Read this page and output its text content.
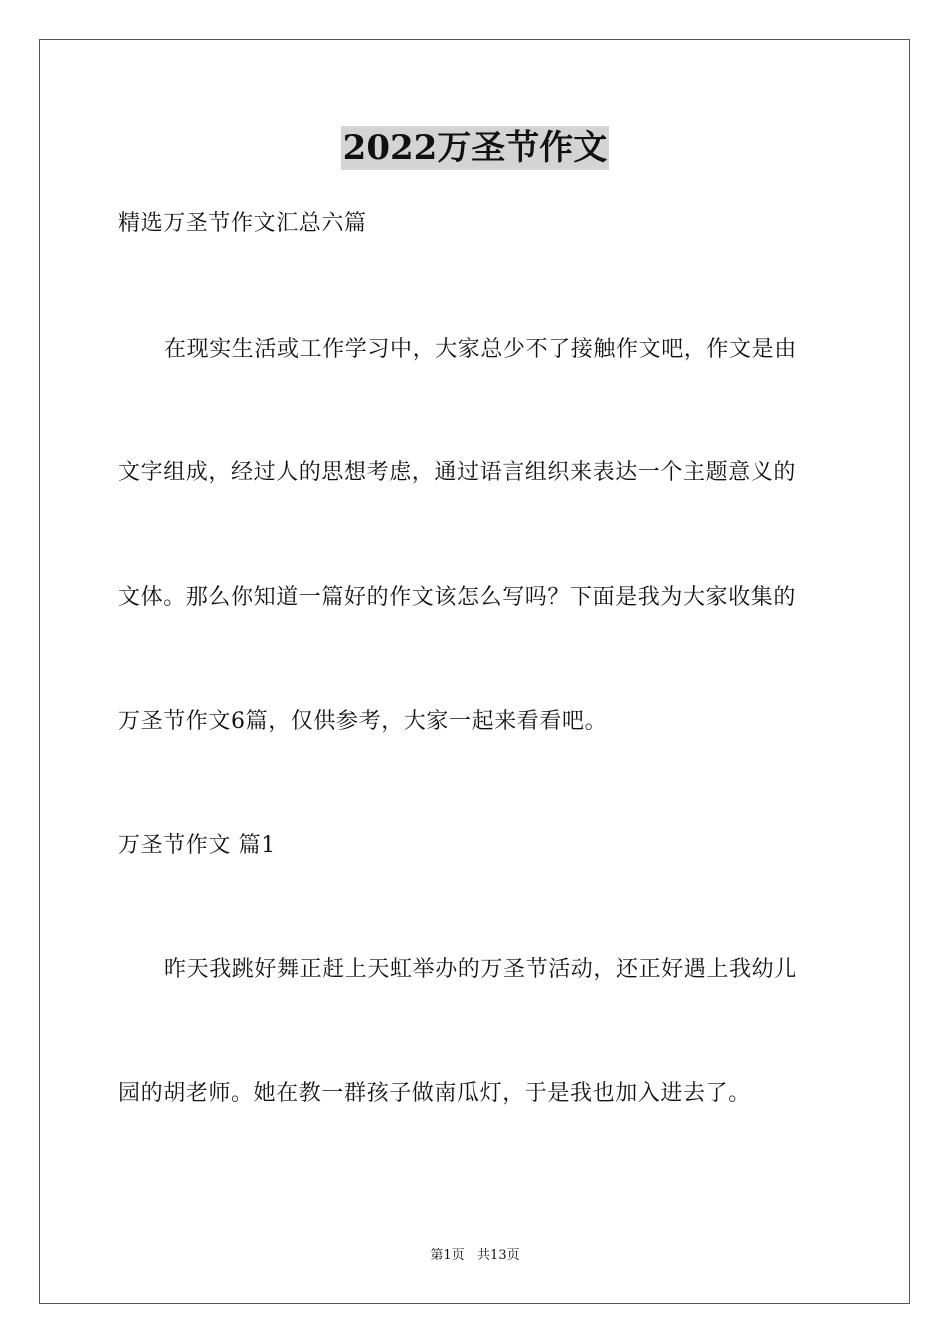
2022万圣节作文
精选万圣节作文汇总六篇
在现实生活或工作学习中，大家总少不了接触作文吧，作文是由
文字组成，经过人的思想考虑，通过语言组织来表达一个主题意义的
文体。那么你知道一篇好的作文该怎么写吗？下面是我为大家收集的
万圣节作文6篇，仅供参考，大家一起来看看吧。
万圣节作文 篇1
昨天我跳好舞正赶上天虹举办的万圣节活动，还正好遇上我幼儿
园的胡老师。她在教一群孩子做南瓜灯，于是我也加入进去了。
第1页   共13页
